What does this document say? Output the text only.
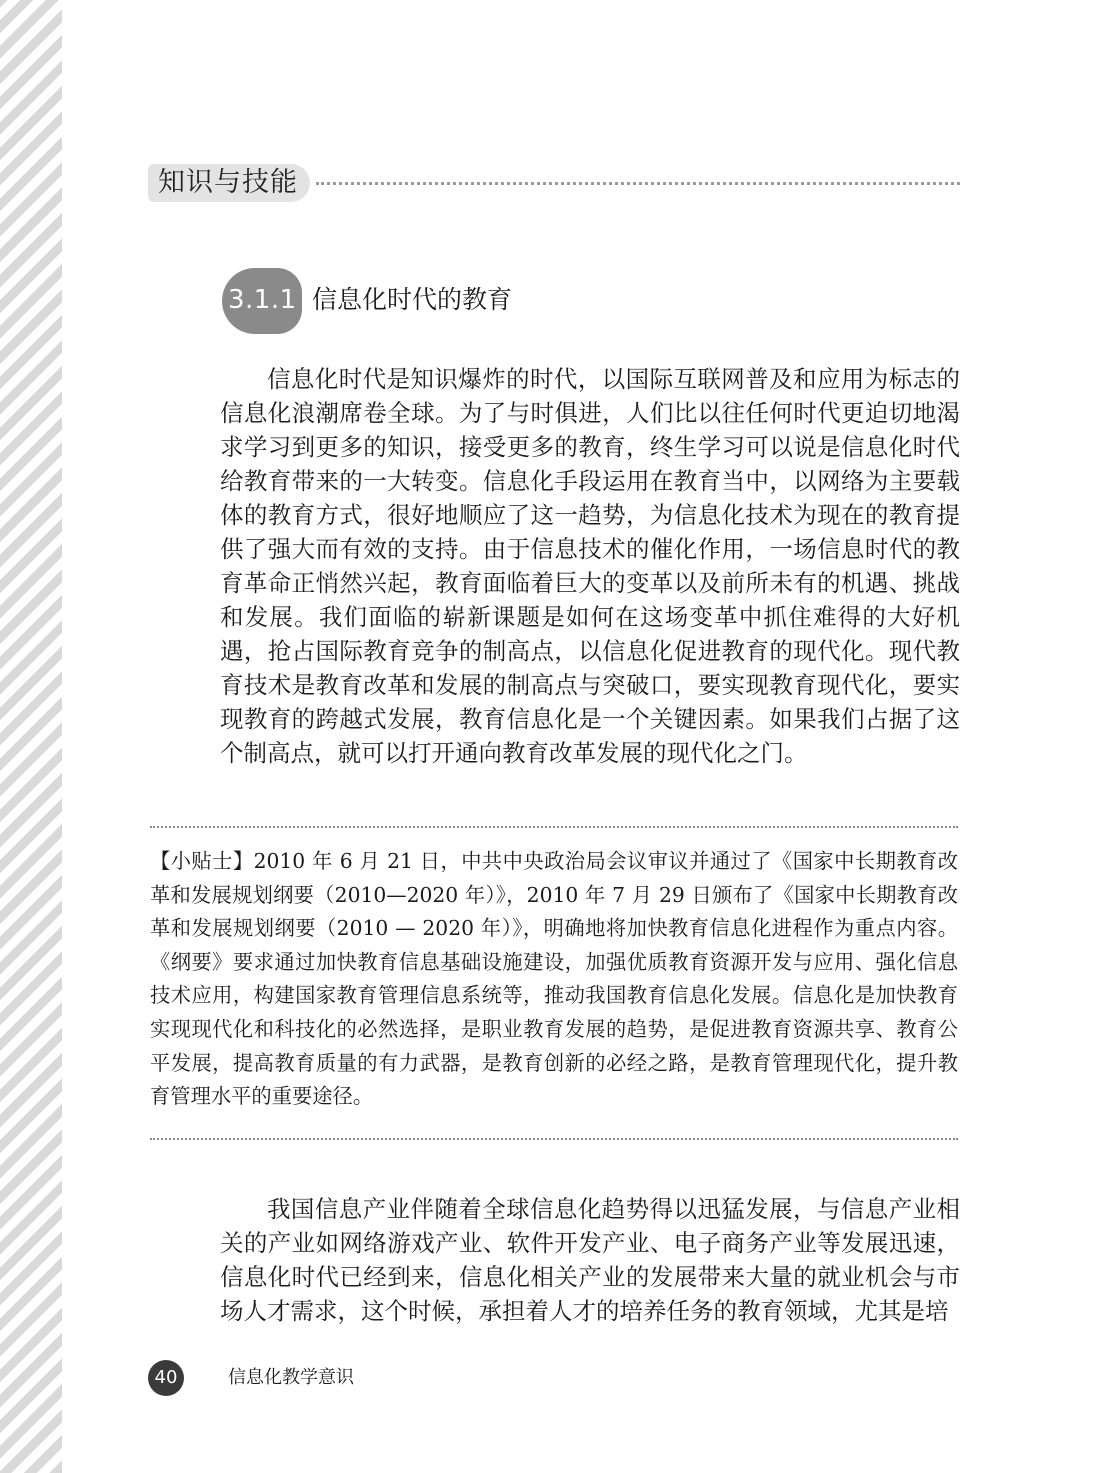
知识与技能
3.1.1 信息化时代的教育

信息化时代是知识爆炸的时代，以国际互联网普及和应用为标志的信息化浪潮席卷全球。为了与时俱进，人们比以往任何时代更迫切地渴求学习到更多的知识，接受更多的教育，终生学习可以说是信息化时代给教育带来的一大转变。信息化手段运用在教育当中，以网络为主要载体的教育方式，很好地顺应了这一趋势，为信息化技术为现在的教育提供了强大而有效的支持。由于信息技术的催化作用，一场信息时代的教育革命正悄然兴起，教育面临着巨大的变革以及前所未有的机遇、挑战和发展。我们面临的崭新课题是如何在这场变革中抓住难得的大好机遇，抢占国际教育竞争的制高点，以信息化促进教育的现代化。现代教育技术是教育改革和发展的制高点与突破口，要实现教育现代化，要实现教育的跨越式发展，教育信息化是一个关键因素。如果我们占据了这个制高点，就可以打开通向教育改革发展的现代化之门。

【小贴士】2010 年 6 月 21 日，中共中央政治局会议审议并通过了《国家中长期教育改革和发展规划纲要（2010—2020 年）》，2010 年 7 月 29 日颁布了《国家中长期教育改革和发展规划纲要（2010 — 2020 年）》，明确地将加快教育信息化进程作为重点内容。《纲要》要求通过加快教育信息基础设施建设，加强优质教育资源开发与应用、强化信息技术应用，构建国家教育管理信息系统等，推动我国教育信息化发展。信息化是加快教育实现现代化和科技化的必然选择，是职业教育发展的趋势，是促进教育资源共享、教育公平发展，提高教育质量的有力武器，是教育创新的必经之路，是教育管理现代化，提升教育管理水平的重要途径。

我国信息产业伴随着全球信息化趋势得以迅猛发展，与信息产业相关的产业如网络游戏产业、软件开发产业、电子商务产业等发展迅速，信息化时代已经到来，信息化相关产业的发展带来大量的就业机会与市场人才需求，这个时候，承担着人才的培养任务的教育领域，尤其是培

40	信息化教学意识
